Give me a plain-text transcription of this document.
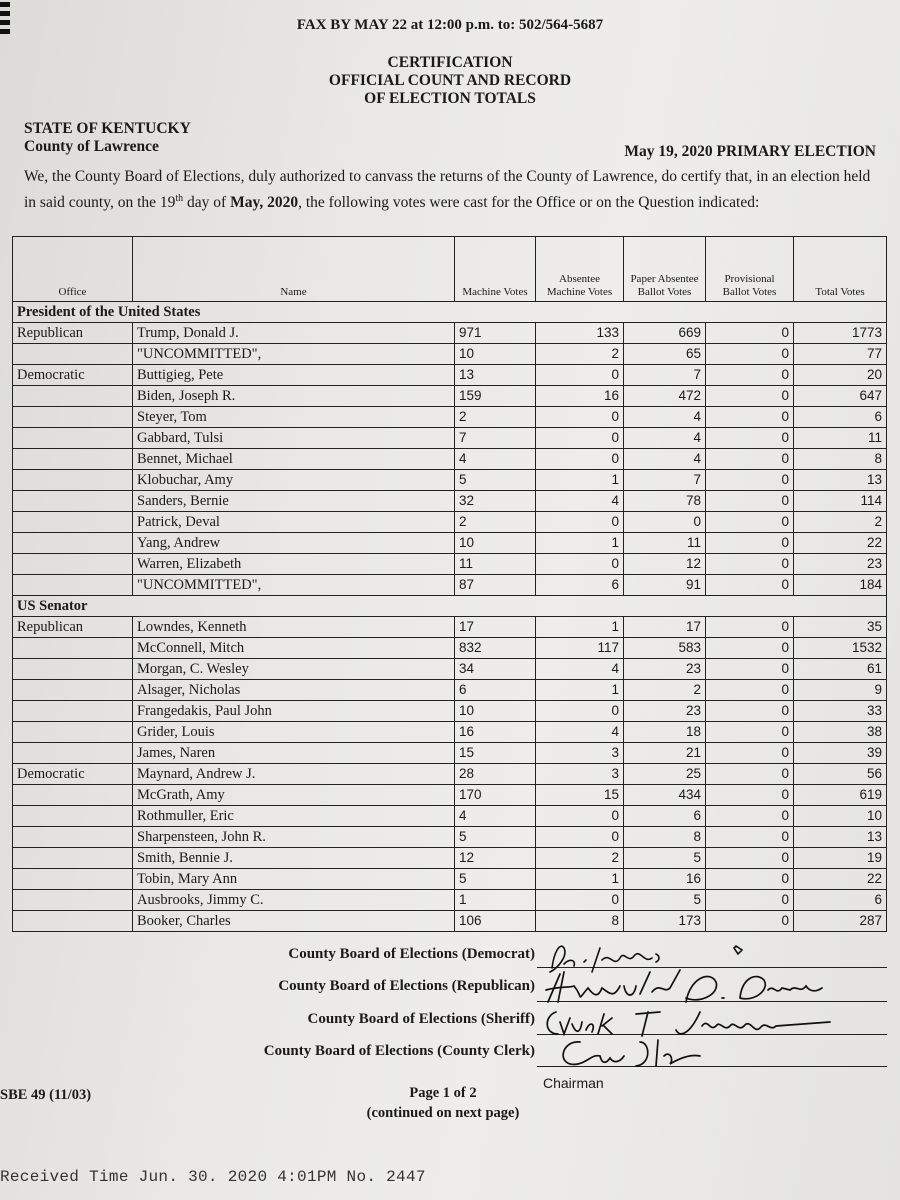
FAX BY MAY 22 at 12:00 p.m. to: 502/564-5687
CERTIFICATION
OFFICIAL COUNT AND RECORD
OF ELECTION TOTALS
STATE OF KENTUCKY
County of Lawrence	May 19, 2020 PRIMARY ELECTION
We, the County Board of Elections, duly authorized to canvass the returns of the County of Lawrence, do certify that, in an election held in said county, on the 19th day of May, 2020, the following votes were cast for the Office or on the Question indicated:
Office	Name	Machine Votes	Absentee Machine Votes	Paper Absentee Ballot Votes	Provisional Ballot Votes	Total Votes
President of the United States						
Republican	Trump, Donald J.	971	133	669	0	1773
	"UNCOMMITTED",	10	2	65	0	77
Democratic	Buttigieg, Pete	13	0	7	0	20
	Biden, Joseph R.	159	16	472	0	647
	Steyer, Tom	2	0	4	0	6
	Gabbard, Tulsi	7	0	4	0	11
	Bennet, Michael	4	0	4	0	8
	Klobuchar, Amy	5	1	7	0	13
	Sanders, Bernie	32	4	78	0	114
	Patrick, Deval	2	0	0	0	2
	Yang, Andrew	10	1	11	0	22
	Warren, Elizabeth	11	0	12	0	23
	"UNCOMMITTED",	87	6	91	0	184
US Senator						
Republican	Lowndes, Kenneth	17	1	17	0	35
	McConnell, Mitch	832	117	583	0	1532
	Morgan, C. Wesley	34	4	23	0	61
	Alsager, Nicholas	6	1	2	0	9
	Frangedakis, Paul John	10	0	23	0	33
	Grider, Louis	16	4	18	0	38
	James, Naren	15	3	21	0	39
Democratic	Maynard, Andrew J.	28	3	25	0	56
	McGrath, Amy	170	15	434	0	619
	Rothmuller, Eric	4	0	6	0	10
	Sharpensteen, John R.	5	0	8	0	13
	Smith, Bennie J.	12	2	5	0	19
	Tobin, Mary Ann	5	1	16	0	22
	Ausbrooks, Jimmy C.	1	0	5	0	6
	Booker, Charles	106	8	173	0	287
County Board of Elections (Democrat)
County Board of Elections (Republican)
County Board of Elections (Sheriff)
County Board of Elections (County Clerk)
Chairman
SBE 49 (11/03)	Page 1 of 2
(continued on next page)
Received Time Jun. 30. 2020 4:01PM No. 2447
